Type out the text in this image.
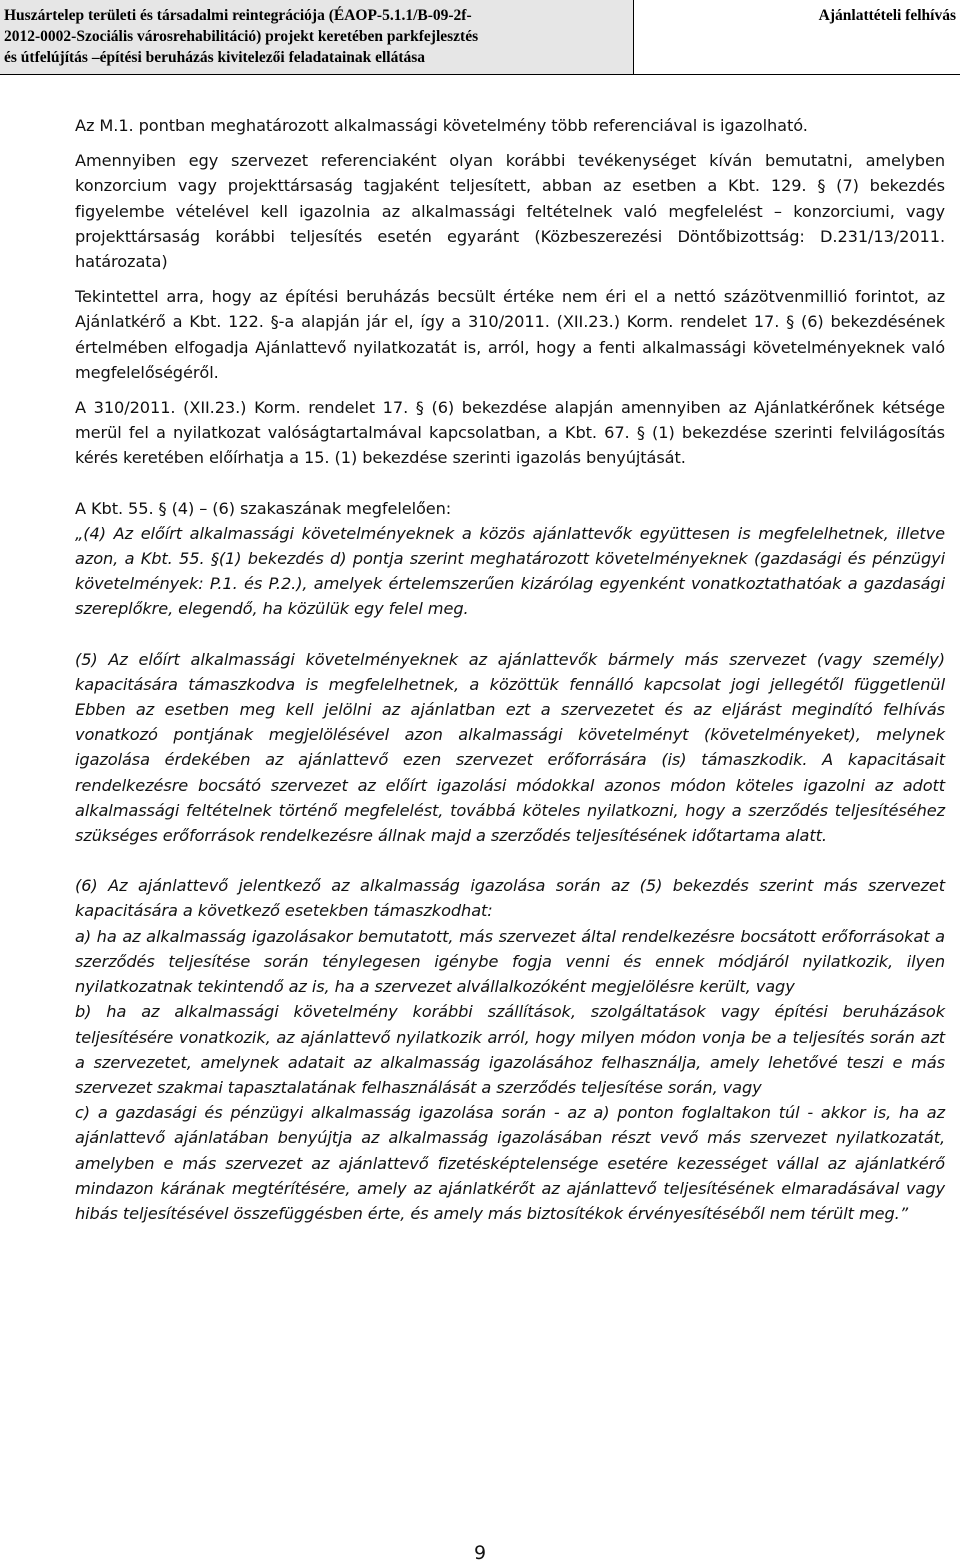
Huszártelep területi és társadalmi reintegrációja (ÉAOP-5.1.1/B-09-2f-
2012-0002-Szociális városrehabilitáció) projekt keretében parkfejlesztés
és útfelújítás –építési beruházás kivitelezői feladatainak ellátása
Ajánlattételi felhívás

Az M.1. pontban meghatározott alkalmassági követelmény több referenciával is igazolható.

Amennyiben egy szervezet referenciaként olyan korábbi tevékenységet kíván bemutatni, amelyben konzorcium vagy projekttársaság tagjaként teljesített, abban az esetben a Kbt. 129. § (7) bekezdés figyelembe vételével kell igazolnia az alkalmassági feltételnek való megfelelést – konzorciumi, vagy projekttársaság korábbi teljesítés esetén egyaránt (Közbeszerezési Döntőbizottság: D.231/13/2011. határozata)

Tekintettel arra, hogy az építési beruházás becsült értéke nem éri el a nettó százötvenmillió forintot, az Ajánlatkérő a Kbt. 122. §-a alapján jár el, így a 310/2011. (XII.23.) Korm. rendelet 17. § (6) bekezdésének értelmében elfogadja Ajánlattevő nyilatkozatát is, arról, hogy a fenti alkalmassági követelményeknek való megfelelőségéről.

A 310/2011. (XII.23.) Korm. rendelet 17. § (6) bekezdése alapján amennyiben az Ajánlatkérőnek kétsége merül fel a nyilatkozat valóságtartalmával kapcsolatban, a Kbt. 67. § (1) bekezdése szerinti felvilágosítás kérés keretében előírhatja a 15. (1) bekezdése szerinti igazolás benyújtását.

A Kbt. 55. § (4) – (6) szakaszának megfelelően:

„(4) Az előírt alkalmassági követelményeknek a közös ajánlattevők együttesen is megfelelhetnek, illetve azon, a Kbt. 55. §(1) bekezdés d) pontja szerint meghatározott követelményeknek (gazdasági és pénzügyi követelmények: P.1. és P.2.), amelyek értelemszerűen kizárólag egyenként vonatkoztathatóak a gazdasági szereplőkre, elegendő, ha közülük egy felel meg.

(5) Az előírt alkalmassági követelményeknek az ajánlattevők bármely más szervezet (vagy személy) kapacitására támaszkodva is megfelelhetnek, a közöttük fennálló kapcsolat jogi jellegétől függetlenül Ebben az esetben meg kell jelölni az ajánlatban ezt a szervezetet és az eljárást megindító felhívás vonatkozó pontjának megjelölésével azon alkalmassági követelményt (követelményeket), melynek igazolása érdekében az ajánlattevő ezen szervezet erőforrására (is) támaszkodik. A kapacitásait rendelkezésre bocsátó szervezet az előírt igazolási módokkal azonos módon köteles igazolni az adott alkalmassági feltételnek történő megfelelést, továbbá köteles nyilatkozni, hogy a szerződés teljesítéséhez szükséges erőforrások rendelkezésre állnak majd a szerződés teljesítésének időtartama alatt.

(6) Az ajánlattevő jelentkező az alkalmasság igazolása során az (5) bekezdés szerint más szervezet kapacitására a következő esetekben támaszkodhat:

a) ha az alkalmasság igazolásakor bemutatott, más szervezet által rendelkezésre bocsátott erőforrásokat a szerződés teljesítése során ténylegesen igénybe fogja venni és ennek módjáról nyilatkozik, ilyen nyilatkozatnak tekintendő az is, ha a szervezet alvállalkozóként megjelölésre került, vagy

b) ha az alkalmassági követelmény korábbi szállítások, szolgáltatások vagy építési beruházások teljesítésére vonatkozik, az ajánlattevő nyilatkozik arról, hogy milyen módon vonja be a teljesítés során azt a szervezetet, amelynek adatait az alkalmasság igazolásához felhasználja, amely lehetővé teszi e más szervezet szakmai tapasztalatának felhasználását a szerződés teljesítése során, vagy

c) a gazdasági és pénzügyi alkalmasság igazolása során - az a) ponton foglaltakon túl - akkor is, ha az ajánlattevő ajánlatában benyújtja az alkalmasság igazolásában részt vevő más szervezet nyilatkozatát, amelyben e más szervezet az ajánlattevő fizetésképtelensége esetére kezességet vállal az ajánlatkérő mindazon kárának megtérítésére, amely az ajánlatkérőt az ajánlattevő teljesítésének elmaradásával vagy hibás teljesítésével összefüggésben érte, és amely más biztosítékok érvényesítéséből nem térült meg.”

9
